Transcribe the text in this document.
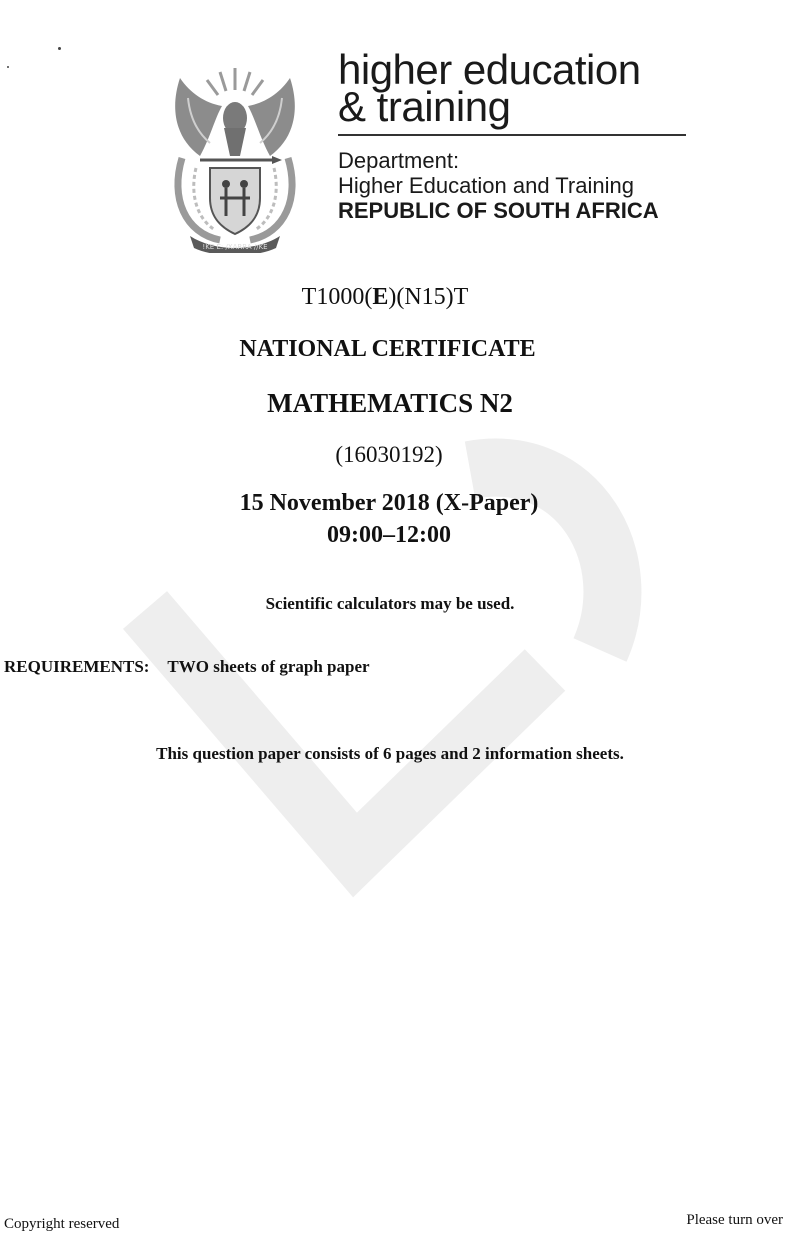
!KE E: /XARRA //KE
higher education
& training
Department:
Higher Education and Training
REPUBLIC OF SOUTH AFRICA
T1000(E)(N15)T
NATIONAL CERTIFICATE
MATHEMATICS N2
(16030192)
15 November 2018 (X-Paper)
09:00–12:00
Scientific calculators may be used.
REQUIREMENTS: TWO sheets of graph paper
This question paper consists of 6 pages and 2 information sheets.
Copyright reserved	Please turn over
